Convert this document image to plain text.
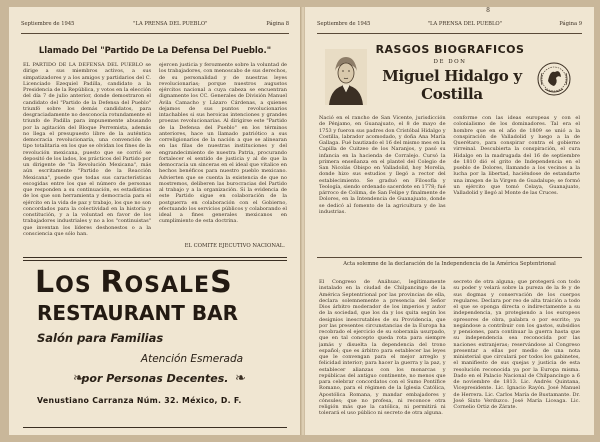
Septiembre de 1945	"LA PRENSA DEL PUEBLO"	Página 8
Llamado Del "Partido De La Defensa Del Pueblo."
EL PARTIDO DE LA DEFENSA DEL PUEBLO se dirige a sus miembros activos, a sus simpatizadores y a los amigos y partidarios del C. Licenciado Ezequiel Padilla, candidato a la Presidencia de la República, y votos en la elección del día 7 de julio anterior, donde demostraron el candidato del "Partido de la Defensa del Pueblo" triunfó sobre los demás candidatos, para desgraciadamente no desconocía rotundamente el triunfo de Padilla para impunemente abusando por la agitación del Bloque Perremista, además no llega el presupuesto libre de la auténtica democracia revolucionaria, una convención de tipo totalitaria en los que se olvidan los fines de la revolución mexicana, puesto que se corrió se depositó de los lados, los prácticos del Partido por un dirigente de "la Revolución Mexicana", más aún escritamente "Partido de la Reacción Mexicana", puede que todas sus características escogidas entre los que el número de personas que responden a su continuación, es estadísticas de los que son herramienta y democracia para el ejército en la vida de paz y trabajo, los que no son concordados para la colectividad en la historia y constitución, y a la voluntad en favor de los trabajadores industriales y no a los "continuistas" que inventan los líderes deshonestos o a la consciencia que sólo han.
ejercen justicia y ferozmente sobre la voluntad de los trabajadores, con menoscabo de sus derechos, de su personalidad y de nuestras leyes revolucionarias; porque nuestros augustos ejércitos nacional a cuya cabeza se encuentran dignamente los CC. Generales de División Manuel Ávila Camacho y Lázaro Cárdenas, a quienes dejamos de sus puntos revolucionarios intachables si sus heroicas intenciones y grandes proezas revolucionarias. Al dirigirse este "Partido de la Defensa del Pueblo" en los términos anteriores, hace un llamado patriótico a sus correligionarios de la nación a que se alinearan en las filas de nuestras instituciones y del engrandecimiento de nuestra Patria, procurando fortalecer el sentido de justicia y al de que la democracia un sinceras en el ideal que vitalice en hechos benéficos para nuestro pueblo mexicano. Advierten que se cuenta la existencia de que no mostremos, deliberen las burocracias del Partido al trabajo y a la organización. Si la evidencia de este Partido sigue en colaboración de la postguerra en colaboración con el Gobierno, efectuando los servicios públicos y colaborando el ideal a fines generales mexicanos en cumplimiento de esta doctrina.
EL COMITE EJECUTIVO NACIONAL.
LOS ROSALES
RESTAURANT BAR
Salón para Familias
Atención Esmerada
❧
por Personas Decentes. ❧
Venustiano Carranza Núm. 32. México, D. F.
8
Septiembre de 1945	"LA PRENSA DEL PUEBLO"	Página 9
RASGOS BIOGRAFICOS
DE DON
Miguel Hidalgo y Costilla
Nació en el rancho de San Vicente, jurisdicción de Pénjamo, en Guanajuato, el 8 de mayo de 1753 y fueron sus padres don Cristóbal Hidalgo y Costilla, labrador acomodado, y doña Ana María Gallaga. Fué bautizado el 16 del mismo mes en la Capilla de Cuitzeo de los Naranjos, y pasó su infancia en la hacienda de Corralejo. Cursó la primera enseñanza en el plantel del Colegio de San Nicolás Obispo en Valladolid, hoy Morelia, donde hizo sus estudios y llegó a rector del establecimiento. Se graduó en Filosofía y Teología, siendo ordenado sacerdote en 1778; fué párroco de Colima, de San Felipe y finalmente de Dolores, en la Intendencia de Guanajuato, donde se dedicó al fomento de la agricultura y de las industrias.
conforme con las ideas europeas y con el colonialismo de los dominadores. Tal era el hombre que en el año de 1809 se unió a la conspiración de Valladolid y luego a la de Querétaro, para conspirar contra el gobierno virreinal. Descubierta la conspiración, el cura Hidalgo en la madrugada del 16 de septiembre de 1810 dió el grito de Independencia en el pueblo de Dolores, llamando a los vecinos a la lucha por la libertad, haciéndose de estandarte una imagen de la Virgen de Guadalupe; se formó un ejército que tomó Celaya, Guanajuato, Valladolid y llegó al Monte de las Cruces.
Acta solemne de la declaración de la Independencia de la América Septentrional
El Congreso de Anáhuac, legítimamente instalado en la ciudad de Chilpancingo de la América Septentrional por las provincias de ella, declara solemnemente a presencia del Señor Dios árbitro moderador de los imperios y autor de la sociedad, que los da y los quita según los designios inescrutables de su Providencia, que por las presentes circunstancias de la Europa ha recobrado el ejercicio de su soberanía usurpado, que en tal concepto queda rota para siempre jamás y disuelta la dependencia del trono español; que es árbitro para establecer las leyes que le convengan para el mejor arreglo y felicidad interior; para hacer la guerra y la paz, y establecer alianzas con los monarcas y repúblicas del antiguo continente, no menos que para celebrar concordatos con el Sumo Pontífice Romano, para el régimen de la Iglesia Católica, Apostólica Romana, y mandar embajadores y cónsules; que no profesa, ni reconoce otra religión más que la católica, ni permitirá ni tolerará el uso público ni secreto de otra alguna.
secreto de otra alguna; que protegerá con todo su poder y velará sobre la pureza de la fe y de sus dogmas y conservación de los cuerpos regulares. Declara por reo de alta traición a todo el que se oponga directa o indirectamente a su independencia, ya protegiendo a los europeos opresores de obra, palabra o por escrito; ya negándose a contribuir con los gastos, subsidios y pensiones, para continuar la guerra hasta que su independencia sea reconocida por las naciones extranjeras; reservándose al Congreso presentar a ellas por medio de una nota ministerial que circulará por todos los gabinetes, el manifiesto de sus quejas y justicia de esta resolución reconocida ya por la Europa misma. Dado en el Palacio Nacional de Chilpancingo a 6 de noviembre de 1813. Lic. Andrés Quintana, Vicepresidente. Lic. Ignacio Rayón. José Manuel de Herrera. Lic. Carlos María de Bustamante. Dr. José Sixto Verduzco. José María Liceaga. Lic. Cornelio Ortiz de Zárate.
